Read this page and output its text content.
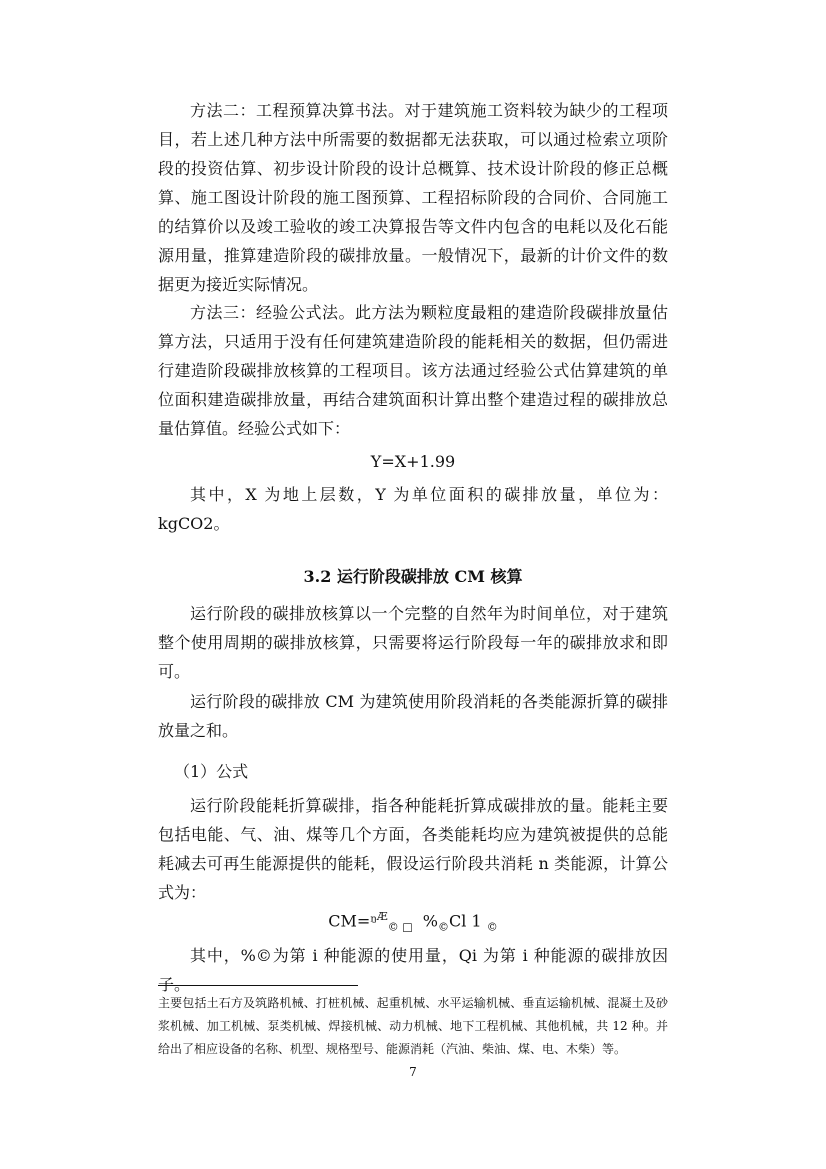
方法二：工程预算决算书法。对于建筑施工资料较为缺少的工程项目，若上述几种方法中所需要的数据都无法获取，可以通过检索立项阶段的投资估算、初步设计阶段的设计总概算、技术设计阶段的修正总概算、施工图设计阶段的施工图预算、工程招标阶段的合同价、合同施工的结算价以及竣工验收的竣工决算报告等文件内包含的电耗以及化石能源用量，推算建造阶段的碳排放量。一般情况下，最新的计价文件的数据更为接近实际情况。

方法三：经验公式法。此方法为颗粒度最粗的建造阶段碳排放量估算方法，只适用于没有任何建筑建造阶段的能耗相关的数据，但仍需进行建造阶段碳排放核算的工程项目。该方法通过经验公式估算建筑的单位面积建造碳排放量，再结合建筑面积计算出整个建造过程的碳排放总量估算值。经验公式如下：

Y=X+1.99

其中，X 为地上层数，Y 为单位面积的碳排放量，单位为：kgCO2。

3.2 运行阶段碳排放 CM 核算

运行阶段的碳排放核算以一个完整的自然年为时间单位，对于建筑整个使用周期的碳排放核算，只需要将运行阶段每一年的碳排放求和即可。

运行阶段的碳排放 CM 为建筑使用阶段消耗的各类能源折算的碳排放量之和。

（1）公式

运行阶段能耗折算碳排，指各种能耗折算成碳排放的量。能耗主要包括电能、气、油、煤等几个方面，各类能耗均应为建筑被提供的总能耗减去可再生能源提供的能耗，假设运行阶段共消耗 n 类能源，计算公式为：

CM=ᵑ$^Æ_{© □}$ $\%_©Cl$ 1 $_©$

其中，%©为第 i 种能源的使用量，Qi 为第 i 种能源的碳排放因子。

主要包括土石方及筑路机械、打桩机械、起重机械、水平运输机械、垂直运输机械、混凝土及砂浆机械、加工机械、泵类机械、焊接机械、动力机械、地下工程机械、其他机械，共 12 种。并给出了相应设备的名称、机型、规格型号、能源消耗（汽油、柴油、煤、电、木柴）等。

7
